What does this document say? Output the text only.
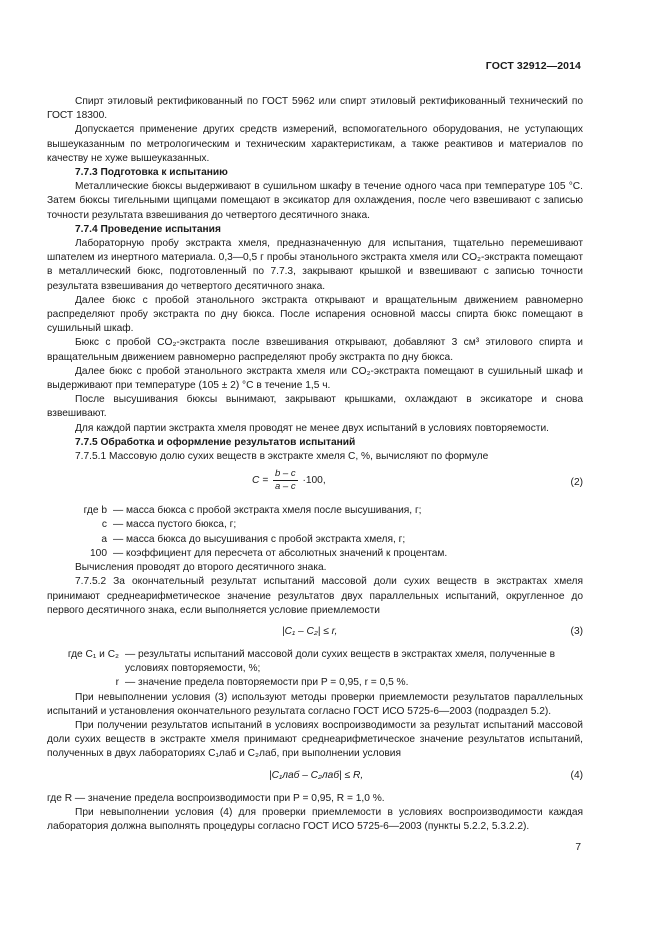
ГОСТ 32912—2014

Спирт этиловый ректификованный по ГОСТ 5962 или спирт этиловый ректификованный технический по ГОСТ 18300.

Допускается применение других средств измерений, вспомогательного оборудования, не уступающих вышеуказанным по метрологическим и техническим характеристикам, а также реактивов и материалов по качеству не хуже вышеуказанных.

7.7.3 Подготовка к испытанию

Металлические бюксы выдерживают в сушильном шкафу в течение одного часа при температуре 105 °С. Затем бюксы тигельными щипцами помещают в эксикатор для охлаждения, после чего взвешивают с записью точности результата взвешивания до четвертого десятичного знака.

7.7.4 Проведение испытания

Лабораторную пробу экстракта хмеля, предназначенную для испытания, тщательно перемешивают шпателем из инертного материала. 0,3—0,5 г пробы этанольного экстракта хмеля или CO₂-экстракта помещают в металлический бюкс, подготовленный по 7.7.3, закрывают крышкой и взвешивают с записью точности результата взвешивания до четвертого десятичного знака.

Далее бюкс с пробой этанольного экстракта открывают и вращательным движением равномерно распределяют пробу экстракта по дну бюкса. После испарения основной массы спирта бюкс помещают в сушильный шкаф.

Бюкс с пробой CO₂-экстракта после взвешивания открывают, добавляют 3 см³ этилового спирта и вращательным движением равномерно распределяют пробу экстракта по дну бюкса.

Далее бюкс с пробой этанольного экстракта хмеля или CO₂-экстракта помещают в сушильный шкаф и выдерживают при температуре (105 ± 2) °С в течение 1,5 ч.

После высушивания бюксы вынимают, закрывают крышками, охлаждают в эксикаторе и снова взвешивают.

Для каждой партии экстракта хмеля проводят не менее двух испытаний в условиях повторяемости.

7.7.5 Обработка и оформление результатов испытаний

7.7.5.1 Массовую долю сухих веществ в экстракте хмеля C, %, вычисляют по формуле

$C = \frac{b - c}{a - c} \cdot 100$,	(2)
где b — масса бюкса с пробой экстракта хмеля после высушивания, г;
c — масса пустого бюкса, г;
a — масса бюкса до высушивания с пробой экстракта хмеля, г;
100 — коэффициент для пересчета от абсолютных значений к процентам.

Вычисления проводят до второго десятичного знака.

7.7.5.2 За окончательный результат испытаний массовой доли сухих веществ в экстрактах хмеля принимают среднеарифметическое значение результатов двух параллельных испытаний, округленное до первого десятичного знака, если выполняется условие приемлемости

|C₁ – C₂| ≤ r,	(3)
где C₁ и C₂ — результаты испытаний массовой доли сухих веществ в экстрактах хмеля, полученные в условиях повторяемости, %;
r — значение предела повторяемости при P = 0,95, r = 0,5 %.

При невыполнении условия (3) используют методы проверки приемлемости результатов параллельных испытаний и установления окончательного результата согласно ГОСТ ИСО 5725-6—2003 (подраздел 5.2).

При получении результатов испытаний в условиях воспроизводимости за результат испытаний массовой доли сухих веществ в экстракте хмеля принимают среднеарифметическое значение результатов испытаний, полученных в двух лабораториях C₁лаб и C₂лаб, при выполнении условия

|C₁лаб – C₂лаб| ≤ R,	(4)

где R — значение предела воспроизводимости при P = 0,95, R = 1,0 %.

При невыполнении условия (4) для проверки приемлемости в условиях воспроизводимости каждая лаборатория должна выполнять процедуры согласно ГОСТ ИСО 5725-6—2003 (пункты 5.2.2, 5.3.2.2).

7
